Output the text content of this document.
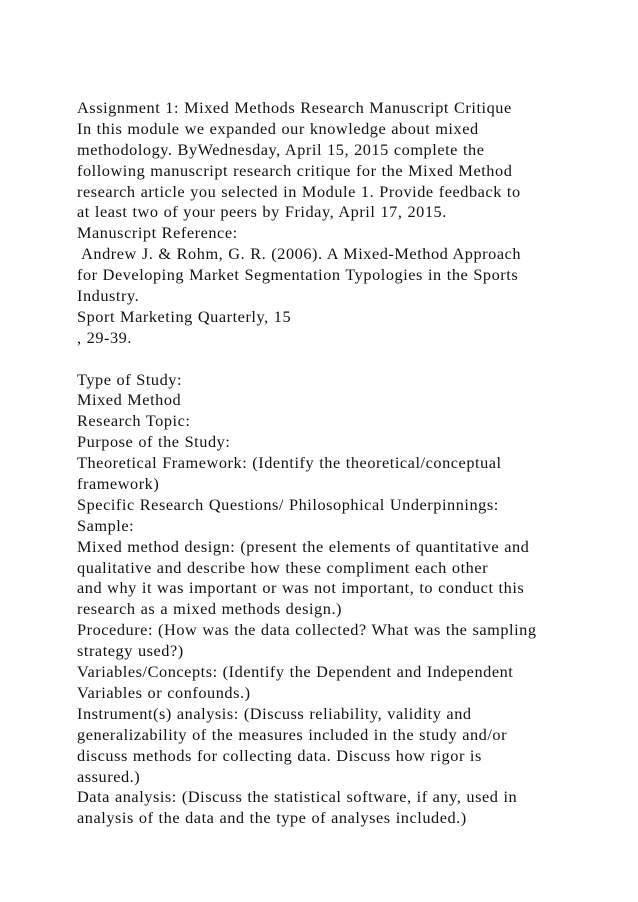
Assignment 1: Mixed Methods Research Manuscript Critique
In this module we expanded our knowledge about mixed
methodology. ByWednesday, April 15, 2015 complete the
following manuscript research critique for the Mixed Method
research article you selected in Module 1. Provide feedback to
at least two of your peers by Friday, April 17, 2015.
Manuscript Reference:
Andrew J. & Rohm, G. R. (2006). A Mixed-Method Approach
for Developing Market Segmentation Typologies in the Sports
Industry.
Sport Marketing Quarterly, 15
, 29-39.
Type of Study:
Mixed Method
Research Topic:
Purpose of the Study:
Theoretical Framework: (Identify the theoretical/conceptual
framework)
Specific Research Questions/ Philosophical Underpinnings:
Sample:
Mixed method design: (present the elements of quantitative and
qualitative and describe how these compliment each other
and why it was important or was not important, to conduct this
research as a mixed methods design.)
Procedure: (How was the data collected? What was the sampling
strategy used?)
Variables/Concepts: (Identify the Dependent and Independent
Variables or confounds.)
Instrument(s) analysis: (Discuss reliability, validity and
generalizability of the measures included in the study and/or
discuss methods for collecting data. Discuss how rigor is
assured.)
Data analysis: (Discuss the statistical software, if any, used in
analysis of the data and the type of analyses included.)
